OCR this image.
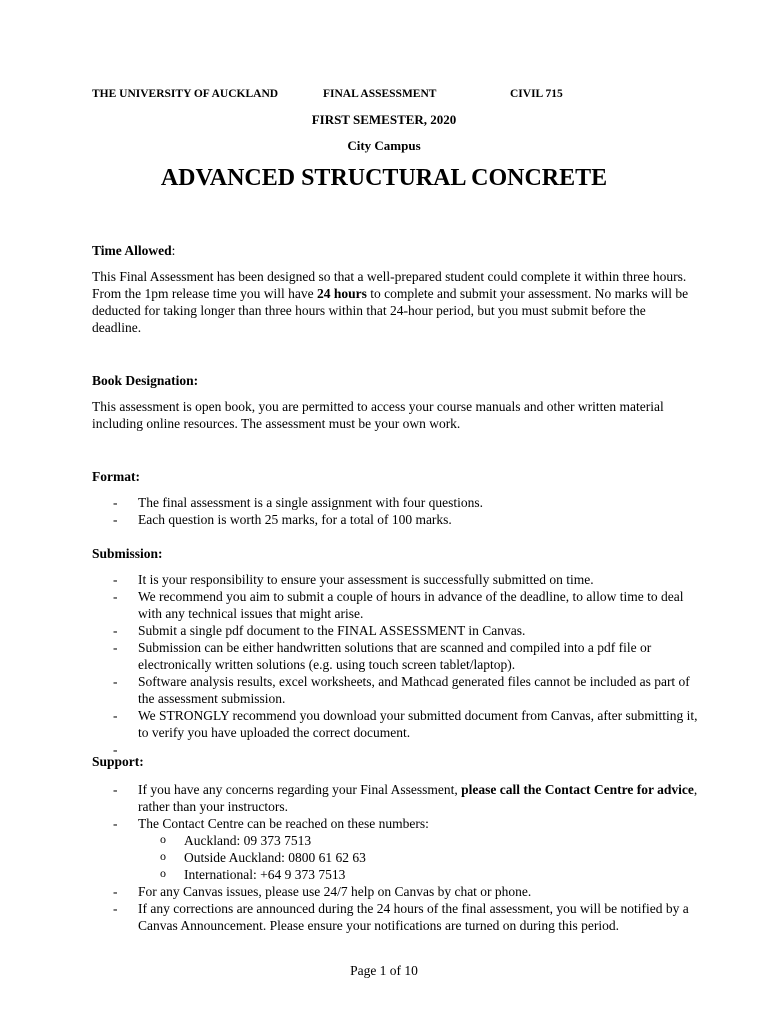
THE UNIVERSITY OF AUCKLAND	FINAL ASSESSMENT	CIVIL 715
FIRST SEMESTER, 2020
City Campus
ADVANCED STRUCTURAL CONCRETE
Time Allowed:
This Final Assessment has been designed so that a well-prepared student could complete it within three hours. From the 1pm release time you will have 24 hours to complete and submit your assessment. No marks will be deducted for taking longer than three hours within that 24-hour period, but you must submit before the deadline.
Book Designation:
This assessment is open book, you are permitted to access your course manuals and other written material including online resources. The assessment must be your own work.
Format:
- The final assessment is a single assignment with four questions.
- Each question is worth 25 marks, for a total of 100 marks.
Submission:
- It is your responsibility to ensure your assessment is successfully submitted on time.
- We recommend you aim to submit a couple of hours in advance of the deadline, to allow time to deal with any technical issues that might arise.
- Submit a single pdf document to the FINAL ASSESSMENT in Canvas.
- Submission can be either handwritten solutions that are scanned and compiled into a pdf file or electronically written solutions (e.g. using touch screen tablet/laptop).
- Software analysis results, excel worksheets, and Mathcad generated files cannot be included as part of the assessment submission.
- We STRONGLY recommend you download your submitted document from Canvas, after submitting it, to verify you have uploaded the correct document.
-
Support:
- If you have any concerns regarding your Final Assessment, please call the Contact Centre for advice, rather than your instructors.
- The Contact Centre can be reached on these numbers:
o Auckland: 09 373 7513
o Outside Auckland: 0800 61 62 63
o International: +64 9 373 7513
- For any Canvas issues, please use 24/7 help on Canvas by chat or phone.
- If any corrections are announced during the 24 hours of the final assessment, you will be notified by a Canvas Announcement. Please ensure your notifications are turned on during this period.
Page 1 of 10
